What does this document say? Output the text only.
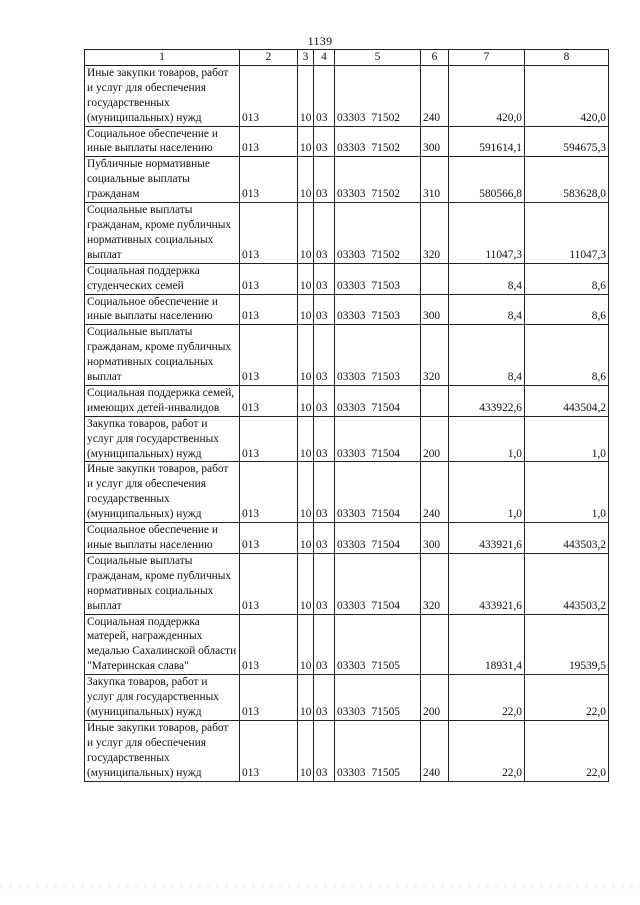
1139
1	2	3	4	5	6	7	8
Иные закупки товаров, работ и услуг для обеспечения государственных (муниципальных) нужд	013	10	03	03303 71502	240	420,0	420,0
Социальное обеспечение и иные выплаты населению	013	10	03	03303 71502	300	591614,1	594675,3
Публичные нормативные социальные выплаты гражданам	013	10	03	03303 71502	310	580566,8	583628,0
Социальные выплаты гражданам, кроме публичных нормативных социальных выплат	013	10	03	03303 71502	320	11047,3	11047,3
Социальная поддержка студенческих семей	013	10	03	03303 71503		8,4	8,6
Социальное обеспечение и иные выплаты населению	013	10	03	03303 71503	300	8,4	8,6
Социальные выплаты гражданам, кроме публичных нормативных социальных выплат	013	10	03	03303 71503	320	8,4	8,6
Социальная поддержка семей, имеющих детей-инвалидов	013	10	03	03303 71504		433922,6	443504,2
Закупка товаров, работ и услуг для государственных (муниципальных) нужд	013	10	03	03303 71504	200	1,0	1,0
Иные закупки товаров, работ и услуг для обеспечения государственных (муниципальных) нужд	013	10	03	03303 71504	240	1,0	1,0
Социальное обеспечение и иные выплаты населению	013	10	03	03303 71504	300	433921,6	443503,2
Социальные выплаты гражданам, кроме публичных нормативных социальных выплат	013	10	03	03303 71504	320	433921,6	443503,2
Социальная поддержка матерей, награжденных медалью Сахалинской области "Материнская слава"	013	10	03	03303 71505		18931,4	19539,5
Закупка товаров, работ и услуг для государственных (муниципальных) нужд	013	10	03	03303 71505	200	22,0	22,0
Иные закупки товаров, работ и услуг для обеспечения государственных (муниципальных) нужд	013	10	03	03303 71505	240	22,0	22,0
